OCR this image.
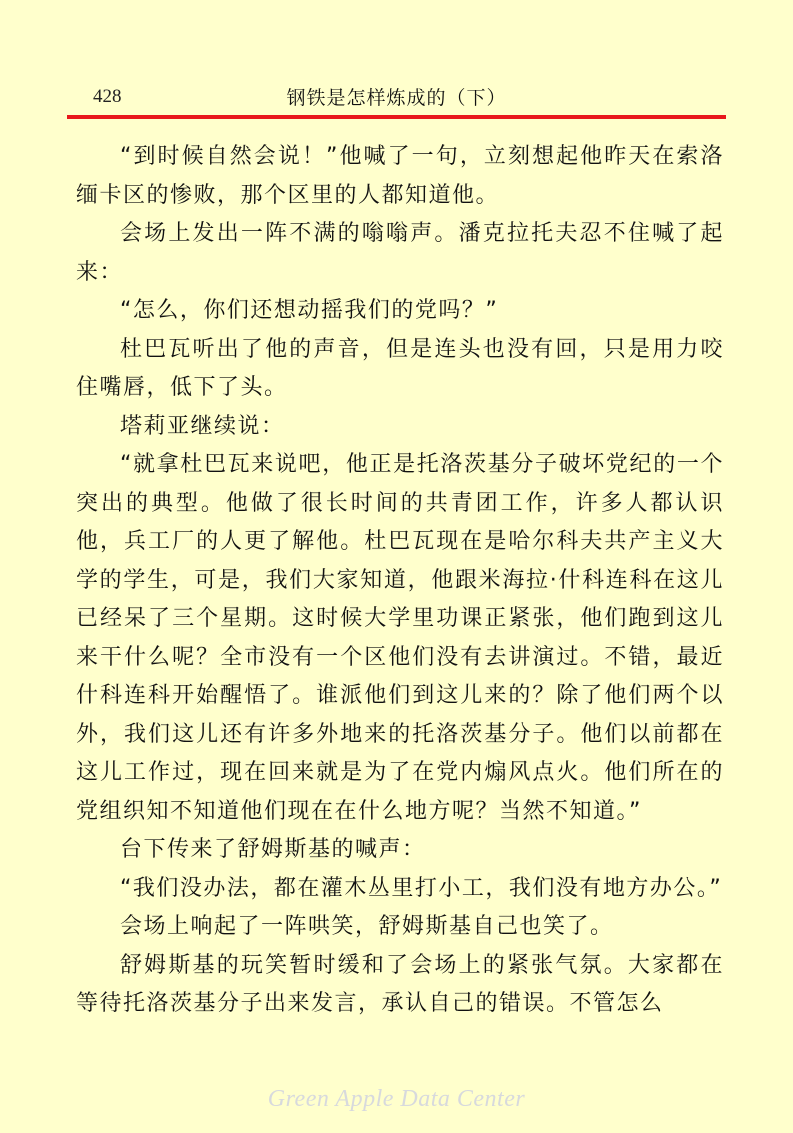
428	钢铁是怎样炼成的（下）

“到时候自然会说！”他喊了一句，立刻想起他昨天在索洛缅卡区的惨败，那个区里的人都知道他。

会场上发出一阵不满的嗡嗡声。潘克拉托夫忍不住喊了起来：

“怎么，你们还想动摇我们的党吗？”

杜巴瓦听出了他的声音，但是连头也没有回，只是用力咬住嘴唇，低下了头。

塔莉亚继续说：

“就拿杜巴瓦来说吧，他正是托洛茨基分子破坏党纪的一个突出的典型。他做了很长时间的共青团工作，许多人都认识他，兵工厂的人更了解他。杜巴瓦现在是哈尔科夫共产主义大学的学生，可是，我们大家知道，他跟米海拉·什科连科在这儿已经呆了三个星期。这时候大学里功课正紧张，他们跑到这儿来干什么呢？全市没有一个区他们没有去讲演过。不错，最近什科连科开始醒悟了。谁派他们到这儿来的？除了他们两个以外，我们这儿还有许多外地来的托洛茨基分子。他们以前都在这儿工作过，现在回来就是为了在党内煽风点火。他们所在的党组织知不知道他们现在在什么地方呢？当然不知道。”

台下传来了舒姆斯基的喊声：

“我们没办法，都在灌木丛里打小工，我们没有地方办公。”

会场上响起了一阵哄笑，舒姆斯基自己也笑了。

舒姆斯基的玩笑暂时缓和了会场上的紧张气氛。大家都在等待托洛茨基分子出来发言，承认自己的错误。不管怎么

Green Apple Data Center
